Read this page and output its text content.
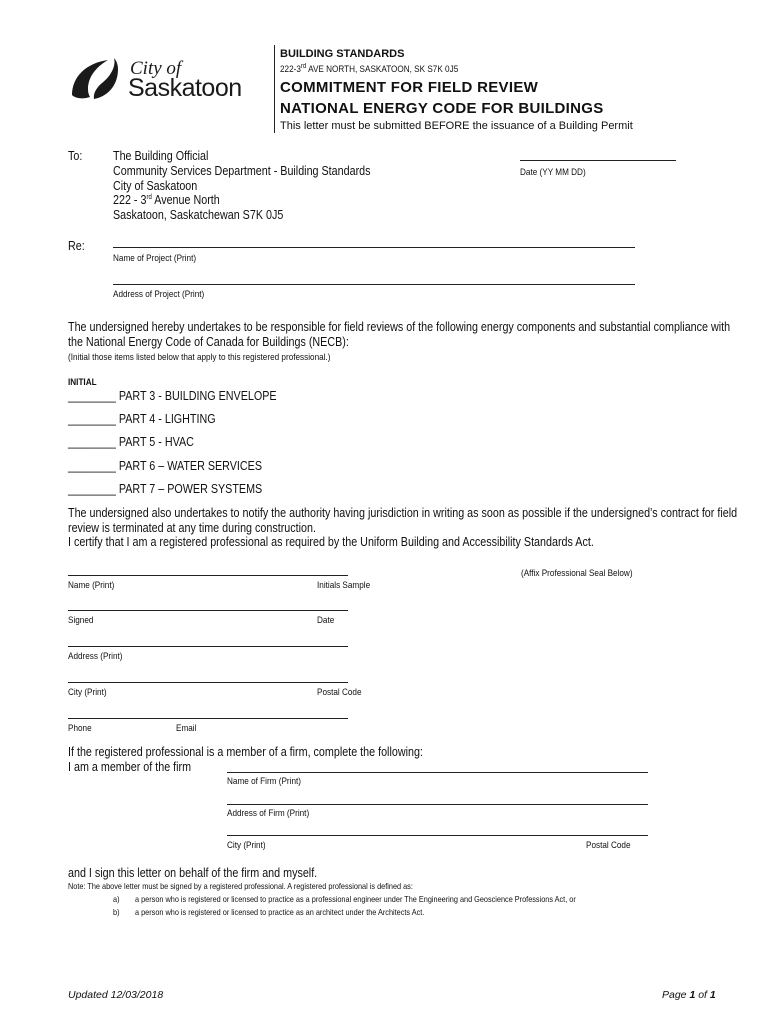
City of
Saskatoon
BUILDING STANDARDS
222-3rd AVE NORTH, SASKATOON, SK S7K 0J5
COMMITMENT FOR FIELD REVIEW
NATIONAL ENERGY CODE FOR BUILDINGS
This letter must be submitted BEFORE the issuance of a Building Permit
To: The Building Official
Community Services Department - Building Standards
City of Saskatoon
222 - 3rd Avenue North
Saskatoon, Saskatchewan S7K 0J5
Date (YY MM DD)
Re:
Name of Project (Print)
Address of Project (Print)
The undersigned hereby undertakes to be responsible for field reviews of the following energy components and substantial compliance with
the National Energy Code of Canada for Buildings (NECB):
(Initial those items listed below that apply to this registered professional.)
INITIAL
________ PART 3 - BUILDING ENVELOPE
________ PART 4 - LIGHTING
________ PART 5 - HVAC
________ PART 6 – WATER SERVICES
________ PART 7 – POWER SYSTEMS
The undersigned also undertakes to notify the authority having jurisdiction in writing as soon as possible if the undersigned’s contract for field
review is terminated at any time during construction.
I certify that I am a registered professional as required by the Uniform Building and Accessibility Standards Act.
(Affix Professional Seal Below)
Name (Print)	Initials Sample
Signed	Date
Address (Print)
City (Print)	Postal Code
Phone	Email
If the registered professional is a member of a firm, complete the following:
I am a member of the firm
Name of Firm (Print)
Address of Firm (Print)
City (Print)	Postal Code
and I sign this letter on behalf of the firm and myself.
Note: The above letter must be signed by a registered professional. A registered professional is defined as:
a) a person who is registered or licensed to practice as a professional engineer under The Engineering and Geoscience Professions Act, or
b) a person who is registered or licensed to practice as an architect under the Architects Act.
Updated 12/03/2018	Page 1 of 1
